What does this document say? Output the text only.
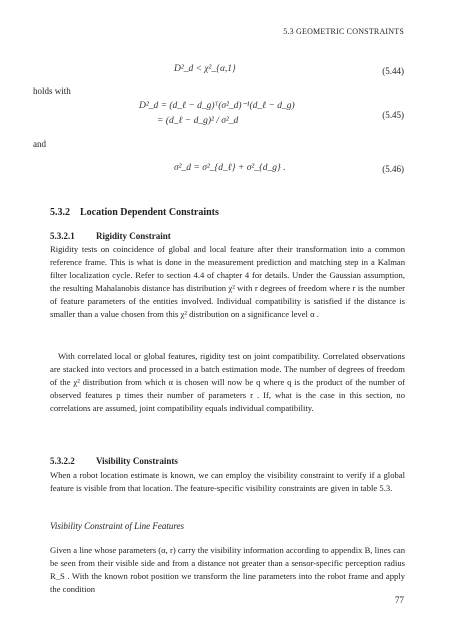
5.3 GEOMETRIC CONSTRAINTS
D²_d < χ²_{α,1}	(5.44)
holds with
D²_d = (d_ℓ − d_g)ᵀ(σ²_d)⁻¹(d_ℓ − d_g)
= (d_ℓ − d_g)² / σ²_d
(5.45)
and
σ²_d = σ²_{d_ℓ} + σ²_{d_g} .	(5.46)
5.3.2 Location Dependent Constraints
5.3.2.1 Rigidity Constraint
Rigidity tests on coincidence of global and local feature after their transformation into a common reference frame. This is what is done in the measurement prediction and matching step in a Kalman filter localization cycle. Refer to section 4.4 of chapter 4 for details. Under the Gaussian assumption, the resulting Mahalanobis distance has distribution χ² with r degrees of freedom where r is the number of feature parameters of the entities involved. Individual compatibility is satisfied if the distance is smaller than a value chosen from this χ² distribution on a significance level α .
With correlated local or global features, rigidity test on joint compatibility. Correlated observations are stacked into vectors and processed in a batch estimation mode. The number of degrees of freedom of the χ² distribution from which α is chosen will now be q where q is the product of the number of observed features p times their number of parameters r . If, what is the case in this section, no correlations are assumed, joint compatibility equals individual compatibility.
5.3.2.2 Visibility Constraints
When a robot location estimate is known, we can employ the visibility constraint to verify if a global feature is visible from that location. The feature-specific visibility constraints are given in table 5.3.
Visibility Constraint of Line Features
Given a line whose parameters (α, r) carry the visibility information according to appendix B, lines can be seen from their visible side and from a distance not greater than a sensor-specific perception radius R_S . With the known robot position we transform the line parameters into the robot frame and apply the condition
77
